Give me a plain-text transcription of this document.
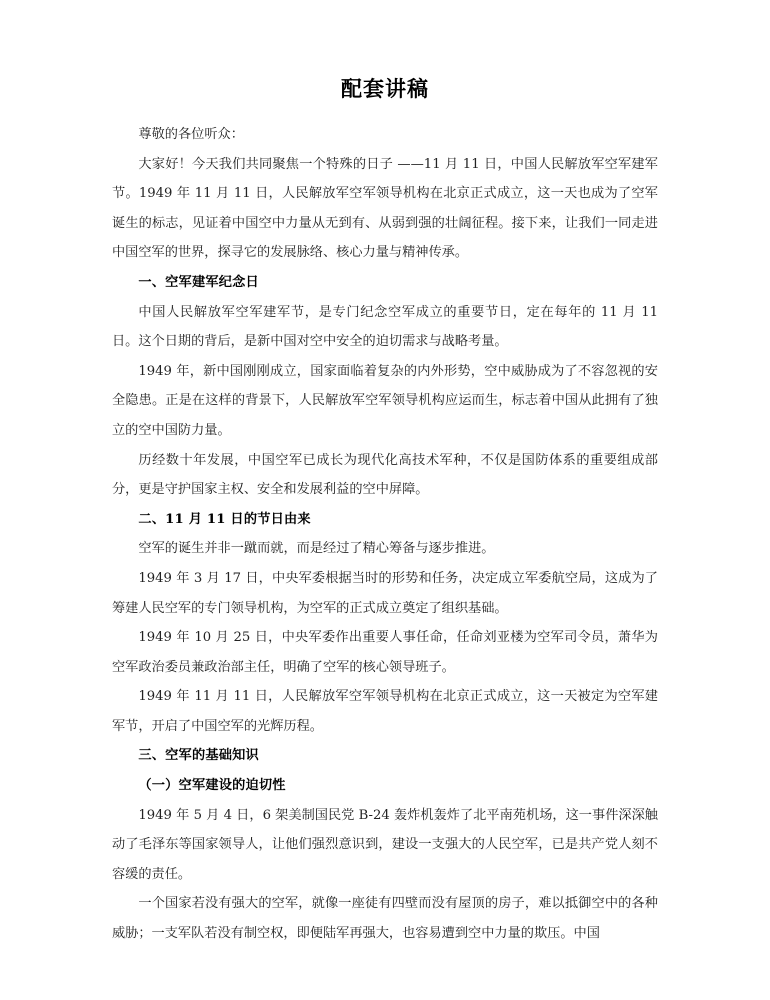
配套讲稿

尊敬的各位听众：

大家好！今天我们共同聚焦一个特殊的日子 ——11 月 11 日，中国人民解放军空军建军节。1949 年 11 月 11 日，人民解放军空军领导机构在北京正式成立，这一天也成为了空军诞生的标志，见证着中国空中力量从无到有、从弱到强的壮阔征程。接下来，让我们一同走进中国空军的世界，探寻它的发展脉络、核心力量与精神传承。

一、空军建军纪念日

中国人民解放军空军建军节，是专门纪念空军成立的重要节日，定在每年的 11 月 11 日。这个日期的背后，是新中国对空中安全的迫切需求与战略考量。

1949 年，新中国刚刚成立，国家面临着复杂的内外形势，空中威胁成为了不容忽视的安全隐患。正是在这样的背景下，人民解放军空军领导机构应运而生，标志着中国从此拥有了独立的空中国防力量。

历经数十年发展，中国空军已成长为现代化高技术军种，不仅是国防体系的重要组成部分，更是守护国家主权、安全和发展利益的空中屏障。

二、11 月 11 日的节日由来

空军的诞生并非一蹴而就，而是经过了精心筹备与逐步推进。

1949 年 3 月 17 日，中央军委根据当时的形势和任务，决定成立军委航空局，这成为了筹建人民空军的专门领导机构，为空军的正式成立奠定了组织基础。

1949 年 10 月 25 日，中央军委作出重要人事任命，任命刘亚楼为空军司令员，萧华为空军政治委员兼政治部主任，明确了空军的核心领导班子。

1949 年 11 月 11 日，人民解放军空军领导机构在北京正式成立，这一天被定为空军建军节，开启了中国空军的光辉历程。

三、空军的基础知识

（一）空军建设的迫切性

1949 年 5 月 4 日，6 架美制国民党 B-24 轰炸机轰炸了北平南苑机场，这一事件深深触动了毛泽东等国家领导人，让他们强烈意识到，建设一支强大的人民空军，已是共产党人刻不容缓的责任。

一个国家若没有强大的空军，就像一座徒有四壁而没有屋顶的房子，难以抵御空中的各种威胁；一支军队若没有制空权，即便陆军再强大，也容易遭到空中力量的欺压。中国
